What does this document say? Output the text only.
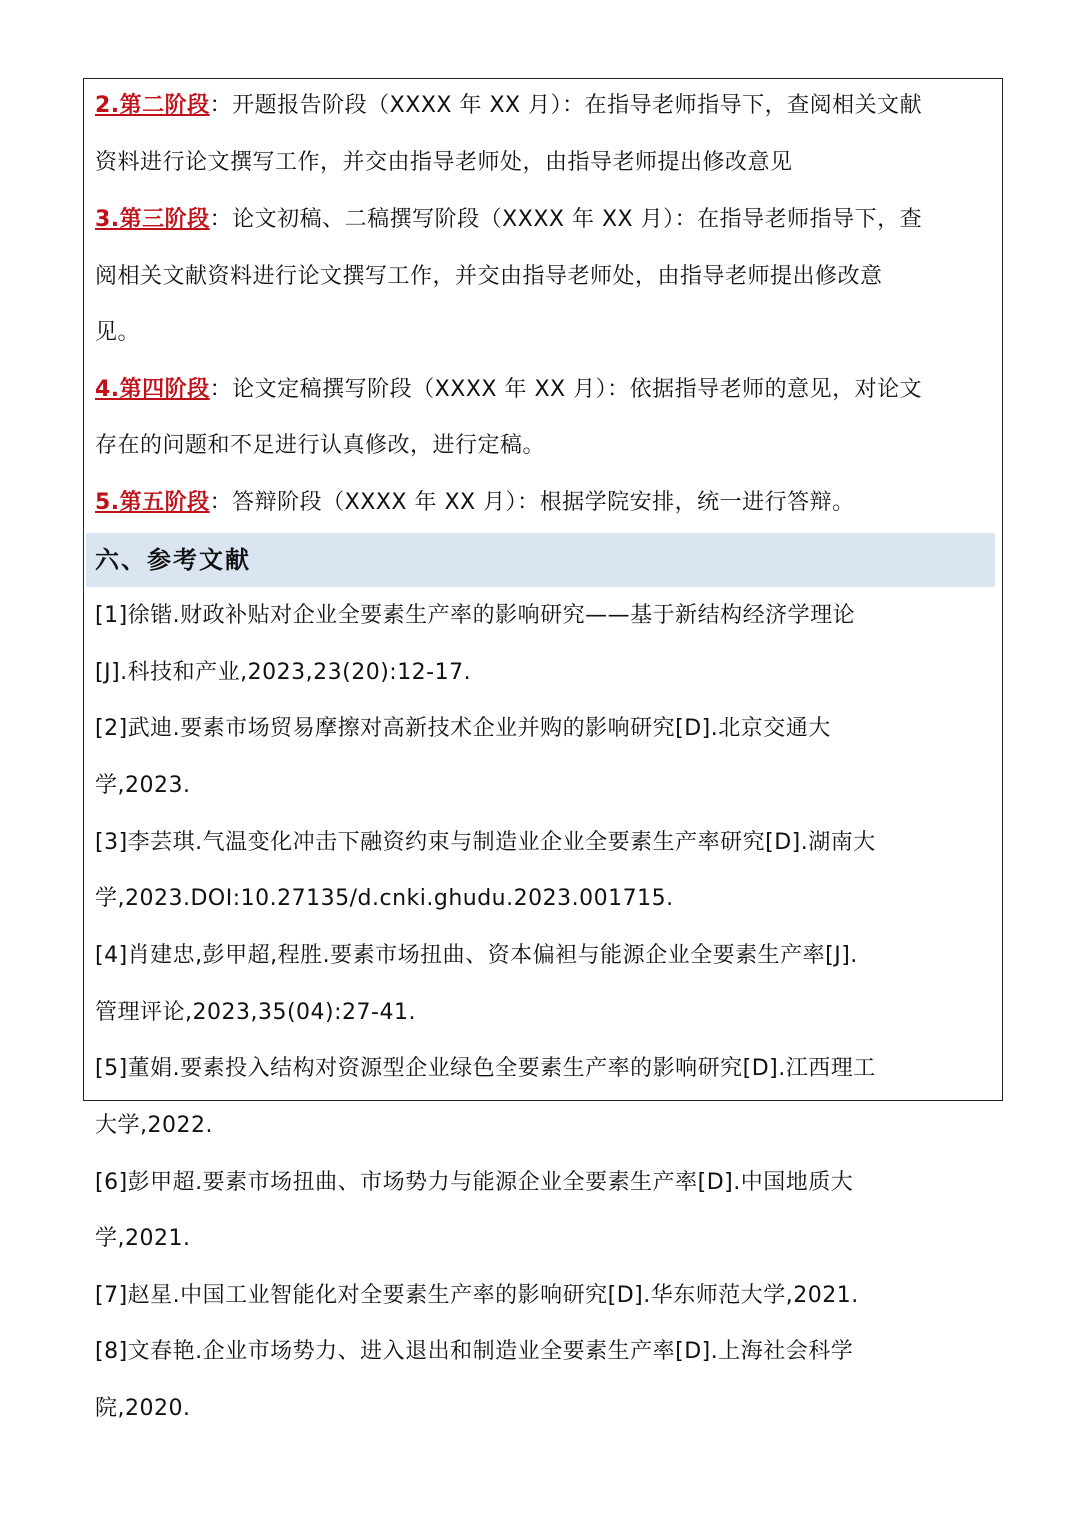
2.第二阶段：开题报告阶段（XXXX 年 XX 月）：在指导老师指导下，查阅相关文献
资料进行论文撰写工作，并交由指导老师处，由指导老师提出修改意见
3.第三阶段：论文初稿、二稿撰写阶段（XXXX 年 XX 月）：在指导老师指导下，查
阅相关文献资料进行论文撰写工作，并交由指导老师处，由指导老师提出修改意
见。
4.第四阶段：论文定稿撰写阶段（XXXX 年 XX 月）：依据指导老师的意见，对论文
存在的问题和不足进行认真修改，进行定稿。
5.第五阶段：答辩阶段（XXXX 年 XX 月）：根据学院安排，统一进行答辩。
六、参考文献
[1]徐锴.财政补贴对企业全要素生产率的影响研究——基于新结构经济学理论
[J].科技和产业,2023,23(20):12-17.
[2]武迪.要素市场贸易摩擦对高新技术企业并购的影响研究[D].北京交通大
学,2023.
[3]李芸琪.气温变化冲击下融资约束与制造业企业全要素生产率研究[D].湖南大
学,2023.DOI:10.27135/d.cnki.ghudu.2023.001715.
[4]肖建忠,彭甲超,程胜.要素市场扭曲、资本偏袒与能源企业全要素生产率[J].
管理评论,2023,35(04):27-41.
[5]董娟.要素投入结构对资源型企业绿色全要素生产率的影响研究[D].江西理工
大学,2022.
[6]彭甲超.要素市场扭曲、市场势力与能源企业全要素生产率[D].中国地质大
学,2021.
[7]赵星.中国工业智能化对全要素生产率的影响研究[D].华东师范大学,2021.
[8]文春艳.企业市场势力、进入退出和制造业全要素生产率[D].上海社会科学
院,2020.
